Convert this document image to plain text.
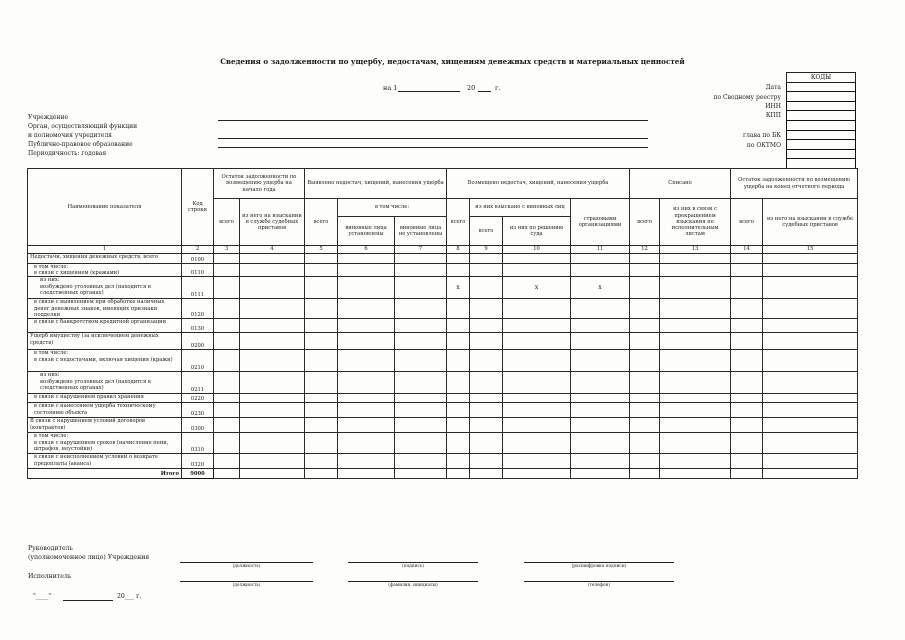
Сведения о задолженности по ущербу, недостачам, хищениям денежных средств и материальных ценностей
на 1	20	г.
КОДЫ

Дата
по Сводному реестру
ИНН
КПП
глава по БК
по ОКТМО
Учреждение
Орган, осуществляющий функции
и полномочия учредителя
Публично-правовое образование
Периодичность: годовая
Наименование показателя	Код строки	Остаток задолженности по возмещению ущерба на начало года		Выявлено недостач, хищений, нанесения ущерба			Возмещено недостач, хищений, нанесения ущерба				Списано		Остаток задолженности по возмещению ущерба на конец отчетного периода	
		всего	из него на взыскании в службе судебных приставов	всего	в том числе:		всего	из них взыскано с виновных лиц		страховыми организациями	всего	из них в связи с прекращением взыскания по исполнительным листам	всего	из него на взыскании в службе судебных приставов
					виновные лица установлены	виновные лица не установлены		всего	из них по решению суда					
1	2	3	4	5	6	7	8	9	10	11	12	13	14	15
Недостачи, хищения денежных средств, всего	0100													
в том числе:
в связи с хищением (кражами)	0110													
из них:
возбуждено уголовных дел (находится в следственных органах)	0111						х		х	х				
в связи с выявлением при обработке наличных денег денежных знаков, имеющих признаки подделки	0120													
в связи с банкротством кредитной организации	0130													
Ущерб имуществу (за исключением денежных средств)	0200													
в том числе:
в связи с недостачами, включая хищения (кражи)	0210													
из них:
возбуждено уголовных дел (находится в следственных органах)	0211													
в связи с нарушением правил хранения	0220													
в связи с нанесением ущерба техническому состоянию объекта	0230													
В связи с нарушением условий договоров (контрактов)	0300													
в том числе:
в связи с нарушением сроков (начисление пени, штрафов, неустойки)	0310													
в связи с неисполнением условий о возврате предоплаты (аванса)	0320													
Итого	9000													
Руководитель
(уполномоченное лицо) Учреждения
(должность)	(подпись)	(расшифровка подписи)
Исполнитель
(должность)	(фамилия, инициалы)	(телефон)
"____"	20___ г.
